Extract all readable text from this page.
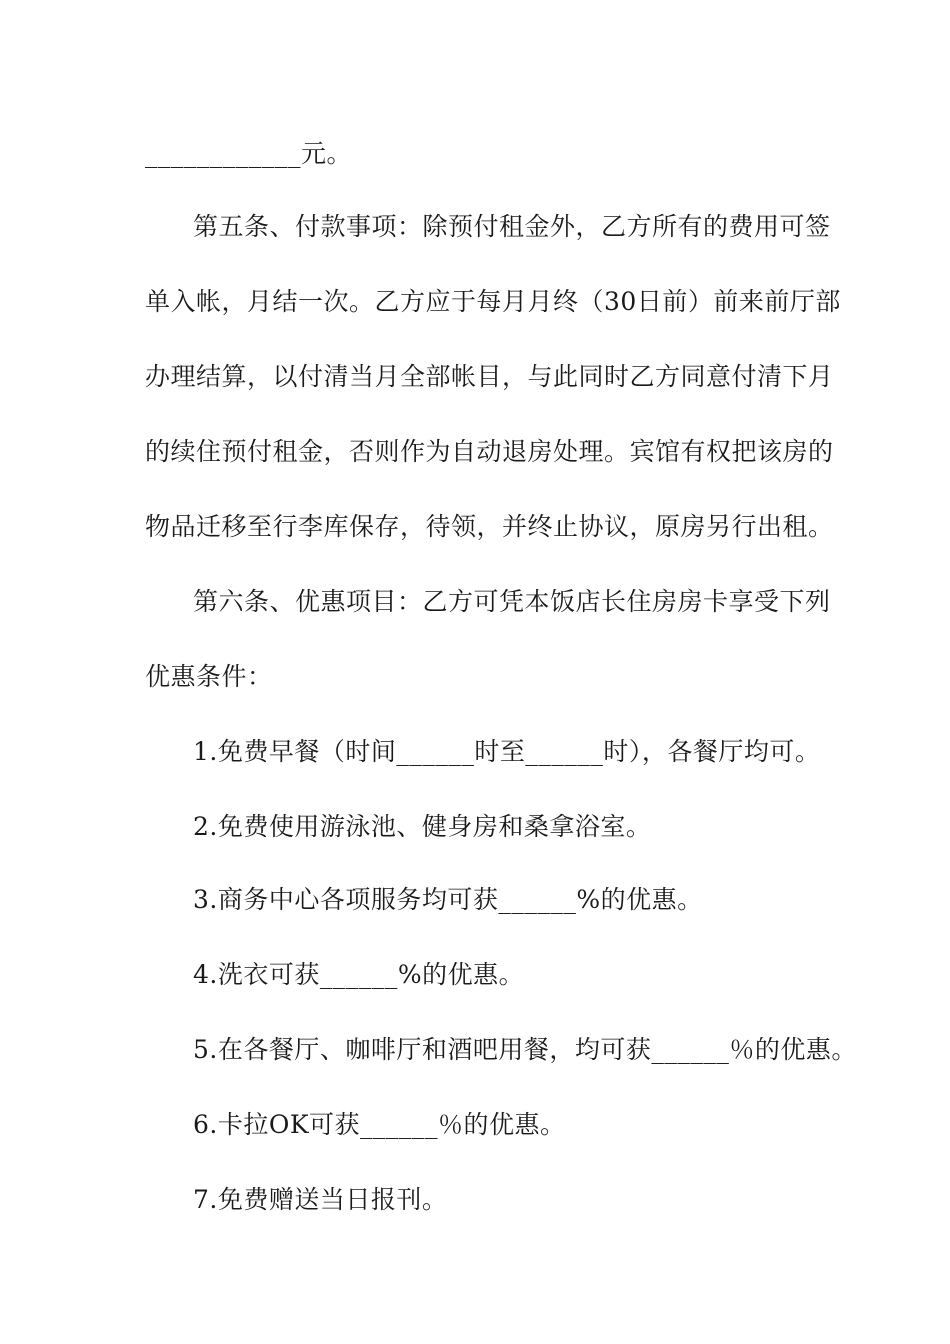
____________元。
第五条、付款事项：除预付租金外，乙方所有的费用可签
单入帐，月结一次。乙方应于每月月终（30日前）前来前厅部
办理结算，以付清当月全部帐目，与此同时乙方同意付清下月
的续住预付租金，否则作为自动退房处理。宾馆有权把该房的
物品迁移至行李库保存，待领，并终止协议，原房另行出租。
第六条、优惠项目：乙方可凭本饭店长住房房卡享受下列
优惠条件：
1.免费早餐（时间______时至______时），各餐厅均可。
2.免费使用游泳池、健身房和桑拿浴室。
3.商务中心各项服务均可获______%的优惠。
4.洗衣可获______%的优惠。
5.在各餐厅、咖啡厅和酒吧用餐，均可获______％的优惠。
6.卡拉OK可获______％的优惠。
7.免费赠送当日报刊。
